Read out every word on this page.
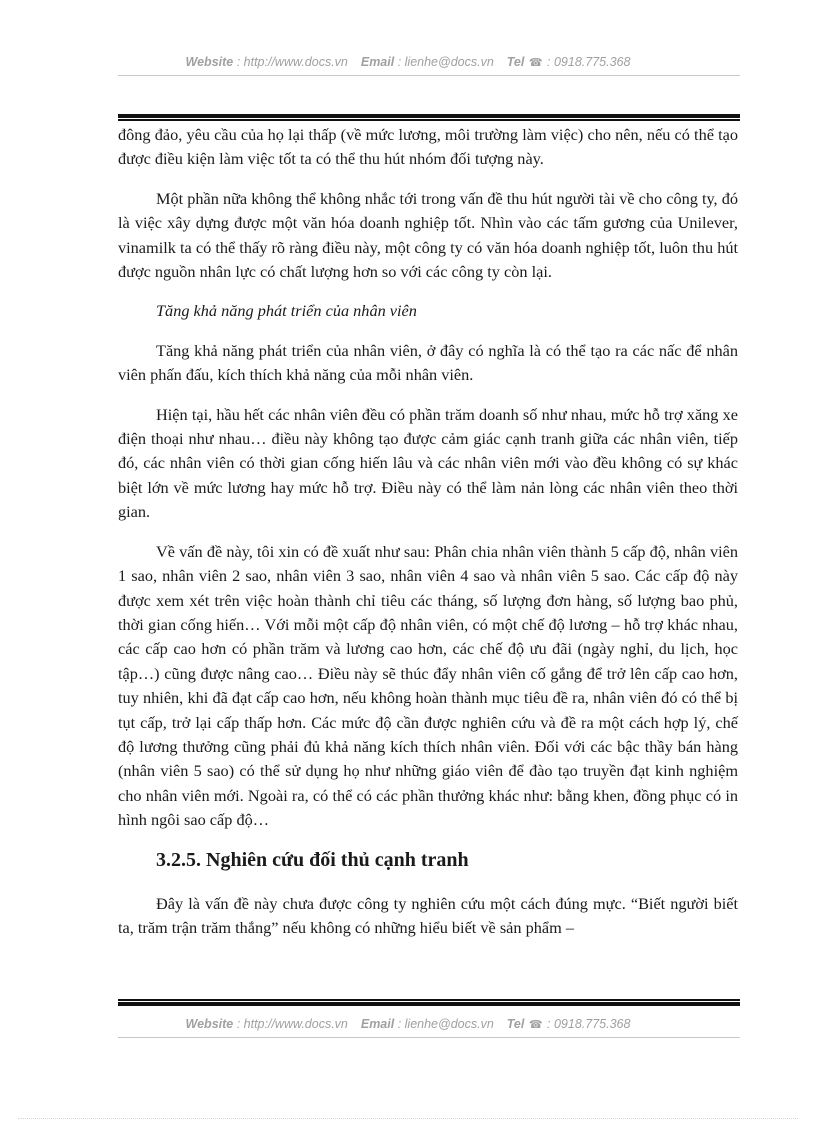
Website : http://www.docs.vn Email : lienhe@docs.vn Tel ☎ : 0918.775.368

đông đảo, yêu cầu của họ lại thấp (về mức lương, môi trường làm việc) cho nên, nếu có thể tạo được điều kiện làm việc tốt ta có thể thu hút nhóm đối tượng này.

Một phần nữa không thể không nhắc tới trong vấn đề thu hút người tài về cho công ty, đó là việc xây dựng được một văn hóa doanh nghiệp tốt. Nhìn vào các tấm gương của Unilever, vinamilk ta có thể thấy rõ ràng điều này, một công ty có văn hóa doanh nghiệp tốt, luôn thu hút được nguồn nhân lực có chất lượng hơn so với các công ty còn lại.

Tăng khả năng phát triển của nhân viên

Tăng khả năng phát triển của nhân viên, ở đây có nghĩa là có thể tạo ra các nấc để nhân viên phấn đấu, kích thích khả năng của mỗi nhân viên.

Hiện tại, hầu hết các nhân viên đều có phần trăm doanh số như nhau, mức hỗ trợ xăng xe điện thoại như nhau… điều này không tạo được cảm giác cạnh tranh giữa các nhân viên, tiếp đó, các nhân viên có thời gian cống hiến lâu và các nhân viên mới vào đều không có sự khác biệt lớn về mức lương hay mức hỗ trợ. Điều này có thể làm nản lòng các nhân viên theo thời gian.

Về vấn đề này, tôi xin có đề xuất như sau: Phân chia nhân viên thành 5 cấp độ, nhân viên 1 sao, nhân viên 2 sao, nhân viên 3 sao, nhân viên 4 sao và nhân viên 5 sao. Các cấp độ này được xem xét trên việc hoàn thành chỉ tiêu các tháng, số lượng đơn hàng, số lượng bao phủ, thời gian cống hiến… Với mỗi một cấp độ nhân viên, có một chế độ lương – hỗ trợ khác nhau, các cấp cao hơn có phần trăm và lương cao hơn, các chế độ ưu đãi (ngày nghỉ, du lịch, học tập…) cũng được nâng cao… Điều này sẽ thúc đẩy nhân viên cố gắng để trở lên cấp cao hơn, tuy nhiên, khi đã đạt cấp cao hơn, nếu không hoàn thành mục tiêu đề ra, nhân viên đó có thể bị tụt cấp, trở lại cấp thấp hơn. Các mức độ cần được nghiên cứu và đề ra một cách hợp lý, chế độ lương thưởng cũng phải đủ khả năng kích thích nhân viên. Đối với các bậc thầy bán hàng (nhân viên 5 sao) có thể sử dụng họ như những giáo viên để đào tạo truyền đạt kinh nghiệm cho nhân viên mới. Ngoài ra, có thể có các phần thưởng khác như: bằng khen, đồng phục có in hình ngôi sao cấp độ…

3.2.5. Nghiên cứu đối thủ cạnh tranh

Đây là vấn đề này chưa được công ty nghiên cứu một cách đúng mực. “Biết người biết ta, trăm trận trăm thắng” nếu không có những hiểu biết về sản phẩm –

Website : http://www.docs.vn Email : lienhe@docs.vn Tel ☎ : 0918.775.368
